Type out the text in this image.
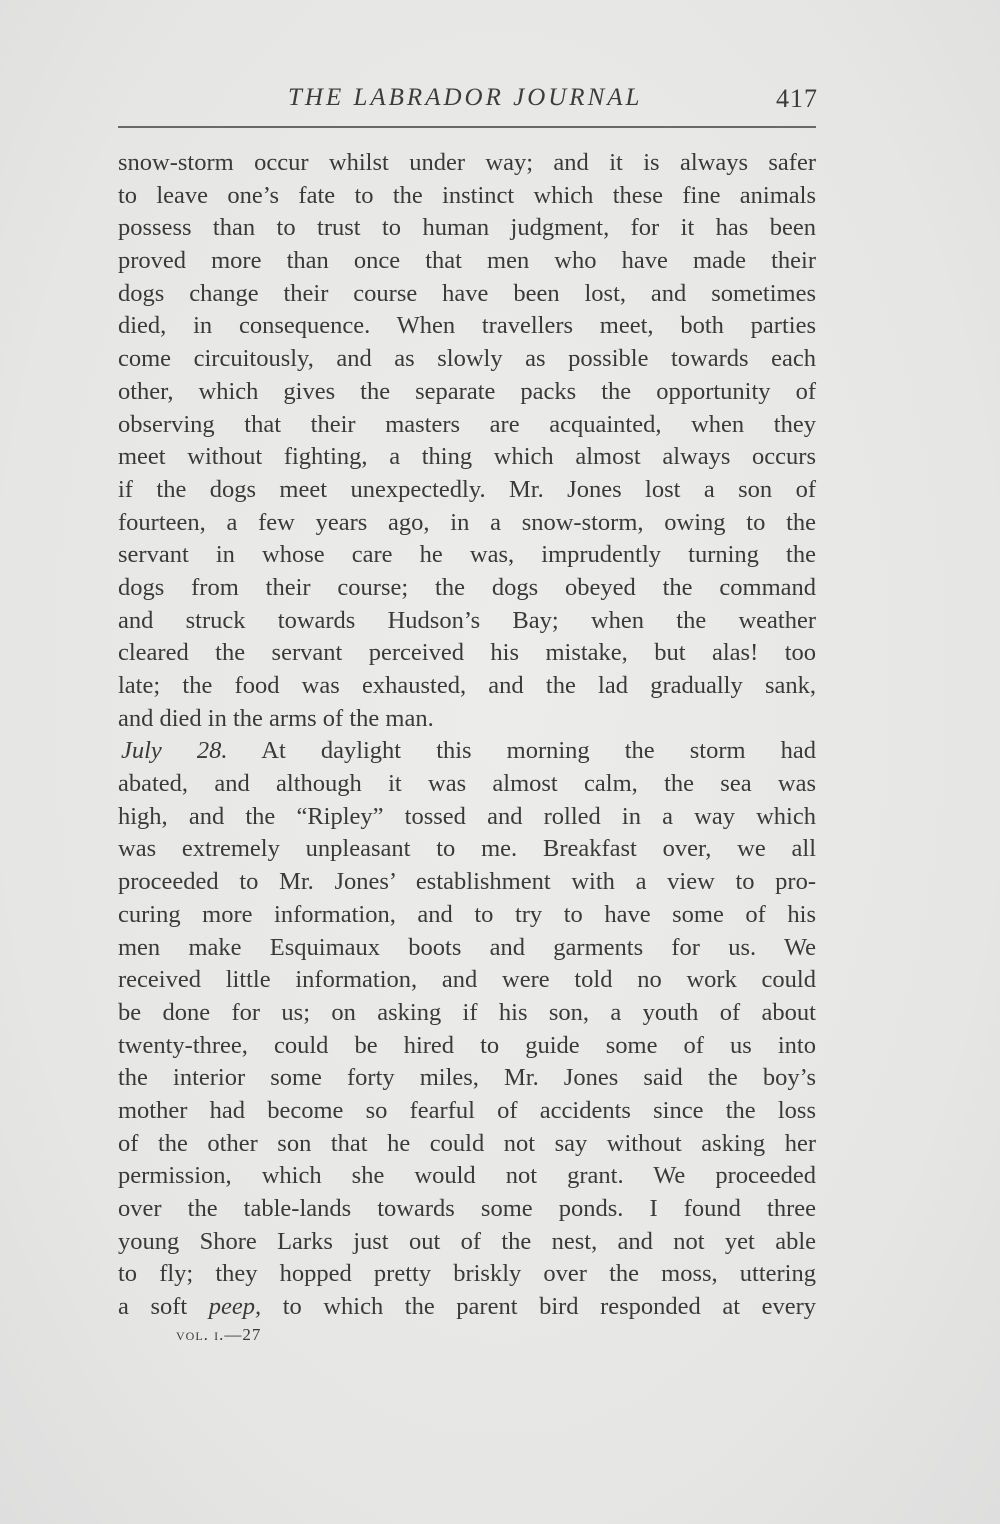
THE LABRADOR JOURNAL	417
snow-storm occur whilst under way; and it is always safer
to leave one’s fate to the instinct which these fine animals
possess than to trust to human judgment, for it has been
proved more than once that men who have made their
dogs change their course have been lost, and sometimes
died, in consequence. When travellers meet, both parties
come circuitously, and as slowly as possible towards each
other, which gives the separate packs the opportunity of
observing that their masters are acquainted, when they
meet without fighting, a thing which almost always occurs
if the dogs meet unexpectedly. Mr. Jones lost a son of
fourteen, a few years ago, in a snow-storm, owing to the
servant in whose care he was, imprudently turning the
dogs from their course; the dogs obeyed the command
and struck towards Hudson’s Bay; when the weather
cleared the servant perceived his mistake, but alas! too
late; the food was exhausted, and the lad gradually sank,
and died in the arms of the man.
July 28. At daylight this morning the storm had
abated, and although it was almost calm, the sea was
high, and the “Ripley” tossed and rolled in a way which
was extremely unpleasant to me. Breakfast over, we all
proceeded to Mr. Jones’ establishment with a view to pro-
curing more information, and to try to have some of his
men make Esquimaux boots and garments for us. We
received little information, and were told no work could
be done for us; on asking if his son, a youth of about
twenty-three, could be hired to guide some of us into
the interior some forty miles, Mr. Jones said the boy’s
mother had become so fearful of accidents since the loss
of the other son that he could not say without asking her
permission, which she would not grant. We proceeded
over the table-lands towards some ponds. I found three
young Shore Larks just out of the nest, and not yet able
to fly; they hopped pretty briskly over the moss, uttering
a soft peep, to which the parent bird responded at every
vol. i.—27
